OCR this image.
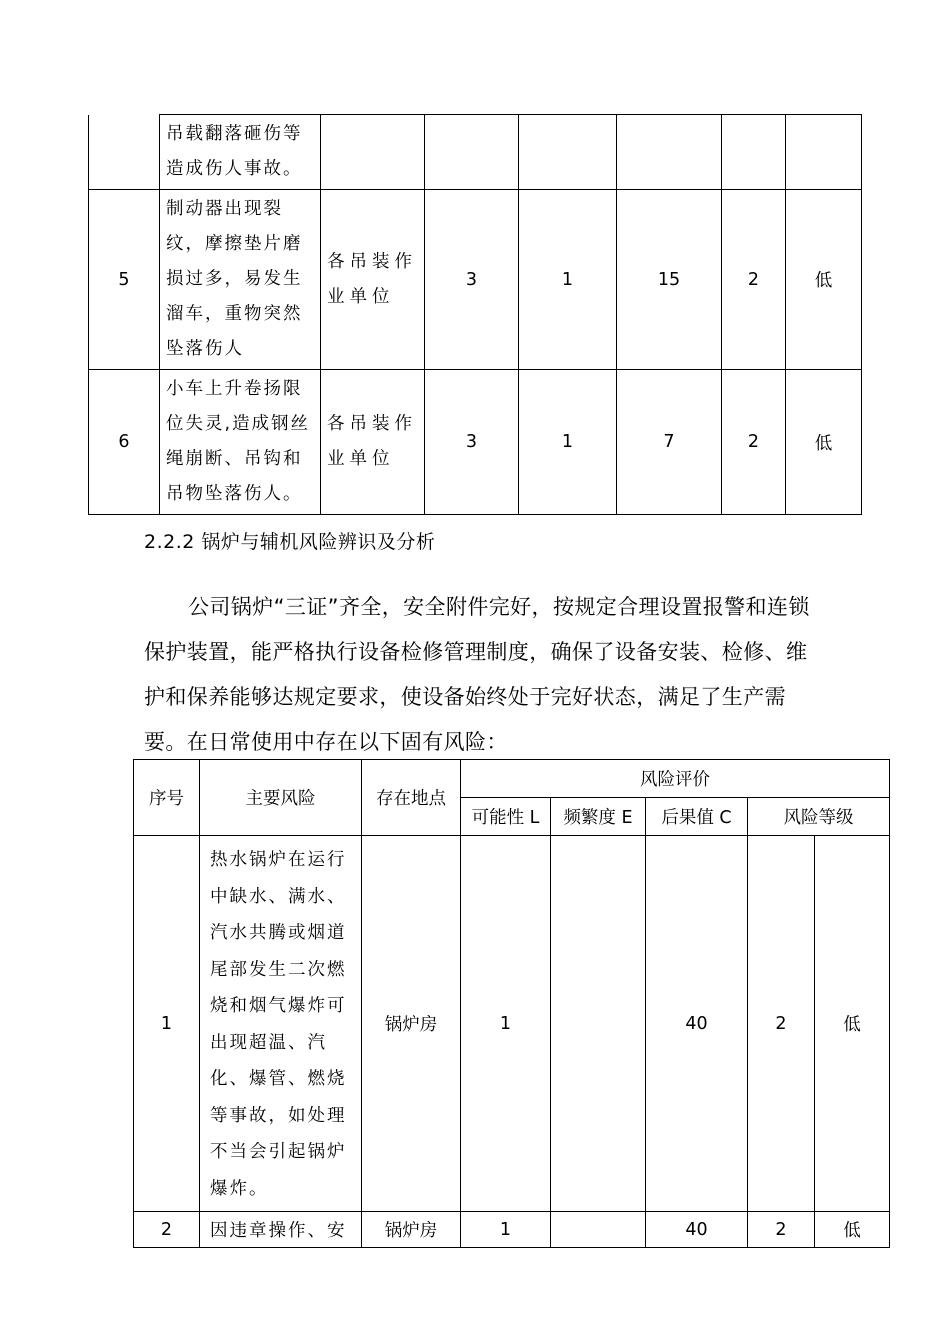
	吊载翻落砸伤等造成伤人事故。						
5	制动器出现裂纹，摩擦垫片磨损过多，易发生溜车，重物突然坠落伤人	各吊装作业单位	3	1	15	2	低
6	小车上升卷扬限位失灵,造成钢丝绳崩断、吊钩和吊物坠落伤人。	各吊装作业单位	3	1	7	2	低
2.2.2 锅炉与辅机风险辨识及分析
公司锅炉“三证”齐全，安全附件完好，按规定合理设置报警和连锁保护装置，能严格执行设备检修管理制度，确保了设备安装、检修、维护和保养能够达规定要求，使设备始终处于完好状态，满足了生产需要。在日常使用中存在以下固有风险：
序号	主要风险	存在地点	风险评价				
			可能性 L	频繁度 E	后果值 C	风险等级	
1	热水锅炉在运行中缺水、满水、汽水共腾或烟道尾部发生二次燃烧和烟气爆炸可出现超温、汽化、爆管、燃烧等事故，如处理不当会引起锅炉爆炸。	锅炉房	1		40	2	低
2	因违章操作、安	锅炉房	1		40	2	低
